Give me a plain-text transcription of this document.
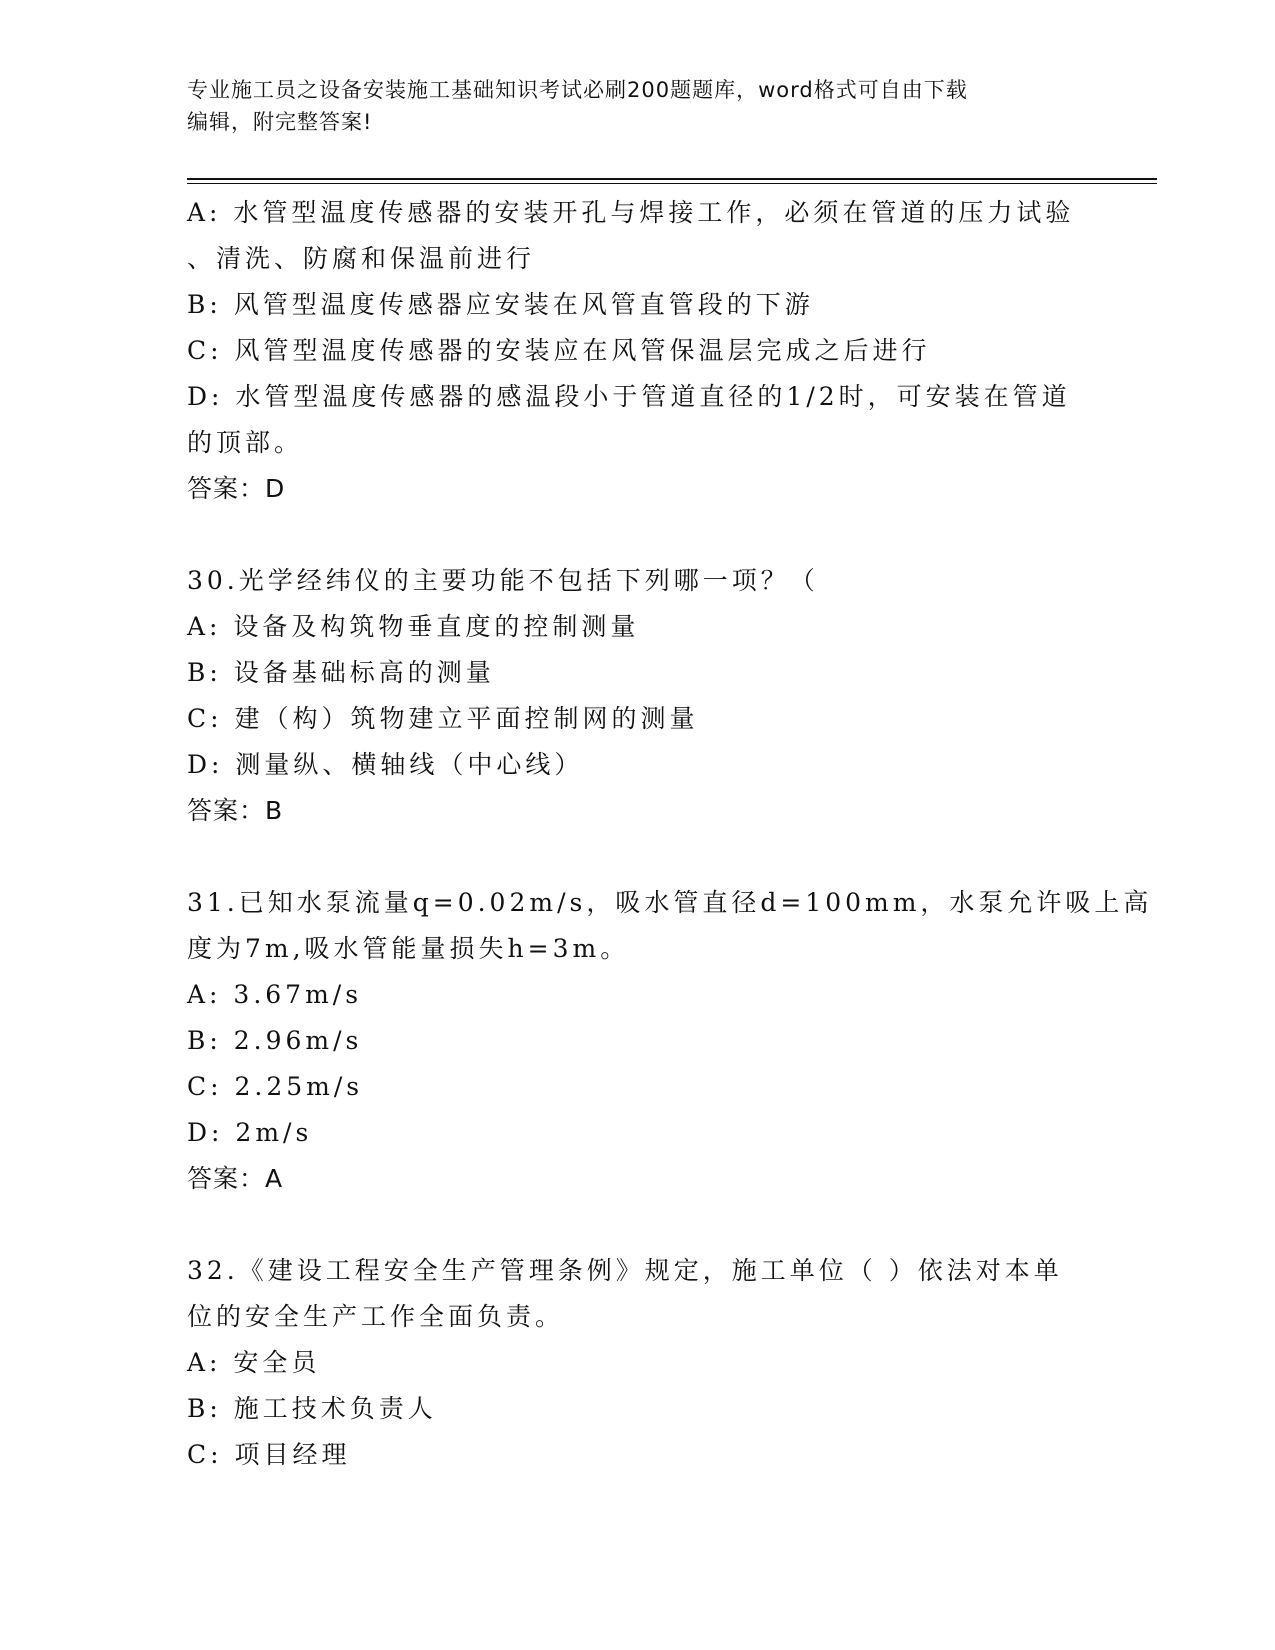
专业施工员之设备安装施工基础知识考试必刷200题题库，word格式可自由下载
编辑，附完整答案!
A: 水管型温度传感器的安装开孔与焊接工作，必须在管道的压力试验
、清洗、防腐和保温前进行
B: 风管型温度传感器应安装在风管直管段的下游
C: 风管型温度传感器的安装应在风管保温层完成之后进行
D: 水管型温度传感器的感温段小于管道直径的1/2时，可安装在管道
的顶部。
答案：D
30.光学经纬仪的主要功能不包括下列哪一项？（
A: 设备及构筑物垂直度的控制测量
B: 设备基础标高的测量
C: 建（构）筑物建立平面控制网的测量
D: 测量纵、横轴线（中心线）
答案：B
31.已知水泵流量q=0.02m/s，吸水管直径d=100mm，水泵允许吸上高
度为7m,吸水管能量损失h=3m。
A: 3.67m/s
B: 2.96m/s
C: 2.25m/s
D: 2m/s
答案：A
32.《建设工程安全生产管理条例》规定，施工单位（ ）依法对本单
位的安全生产工作全面负责。
A: 安全员
B: 施工技术负责人
C: 项目经理
